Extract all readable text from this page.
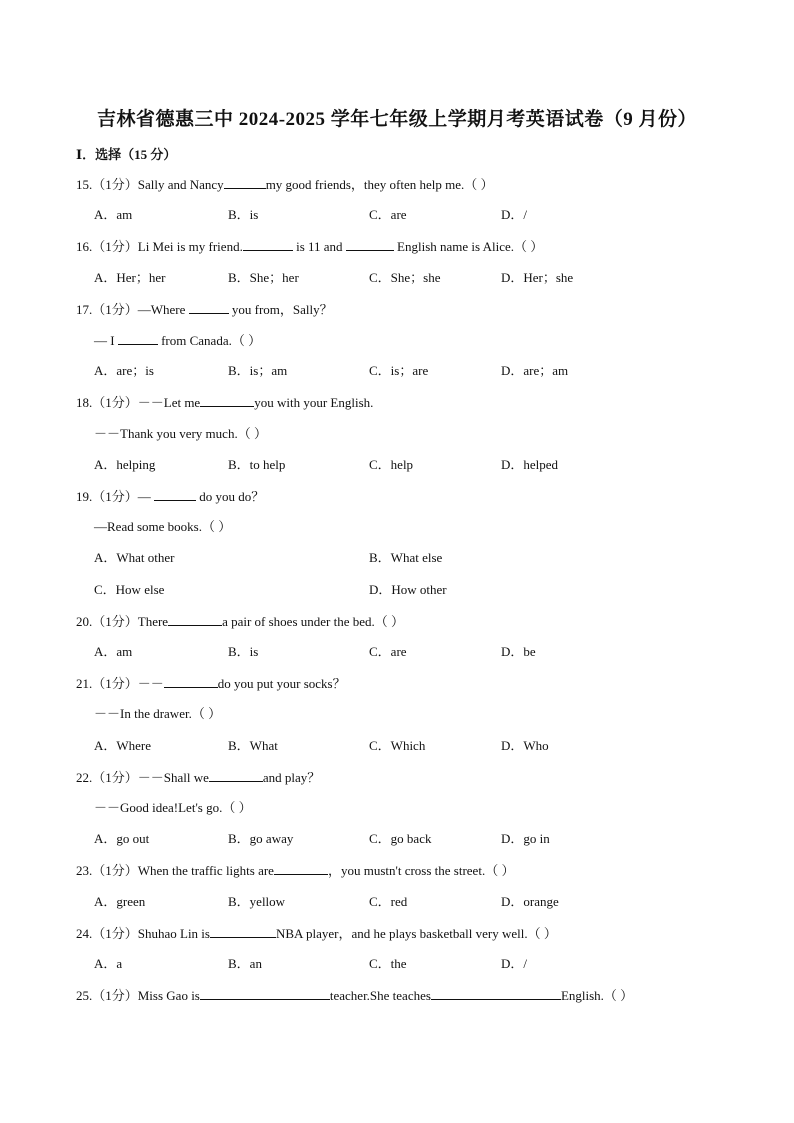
吉林省德惠三中 2024-2025 学年七年级上学期月考英语试卷（9 月份）
Ⅰ．选择（15 分）
15.（1分）Sally and Nancy	my good friends，they often help me.（ ）
A．am	B．is	C．are	D．/
16.（1分）Li Mei is my friend.	is 11 and	English name is Alice.（ ）
A．Her；her	B．She；her	C．She；she	D．Her；she
17.（1分）—Where	you from，Sally？
— I	from Canada.（ ）
A．are；is	B．is；am	C．is；are	D．are；am
18.（1分）－－Let me	you with your English.
－－Thank you very much.（ ）
A．helping	B．to help	C．help	D．helped
19.（1分）—	do you do？
—Read some books.（ ）
A．What other	B．What else
C．How else	D．How other
20.（1分）There	a pair of shoes under the bed.（ ）
A．am	B．is	C．are	D．be
21.（1分）－－	do you put your socks？
－－In the drawer.（ ）
A．Where	B．What	C．Which	D．Who
22.（1分）－－Shall we	and play？
－－Good idea!Let's go.（ ）
A．go out	B．go away	C．go back	D．go in
23.（1分）When the traffic lights are	，you mustn't cross the street.（ ）
A．green	B．yellow	C．red	D．orange
24.（1分）Shuhao Lin is	NBA player，and he plays basketball very well.（ ）
A．a	B．an	C．the	D．/
25.（1分）Miss Gao is	teacher.She teaches	English.（ ）
